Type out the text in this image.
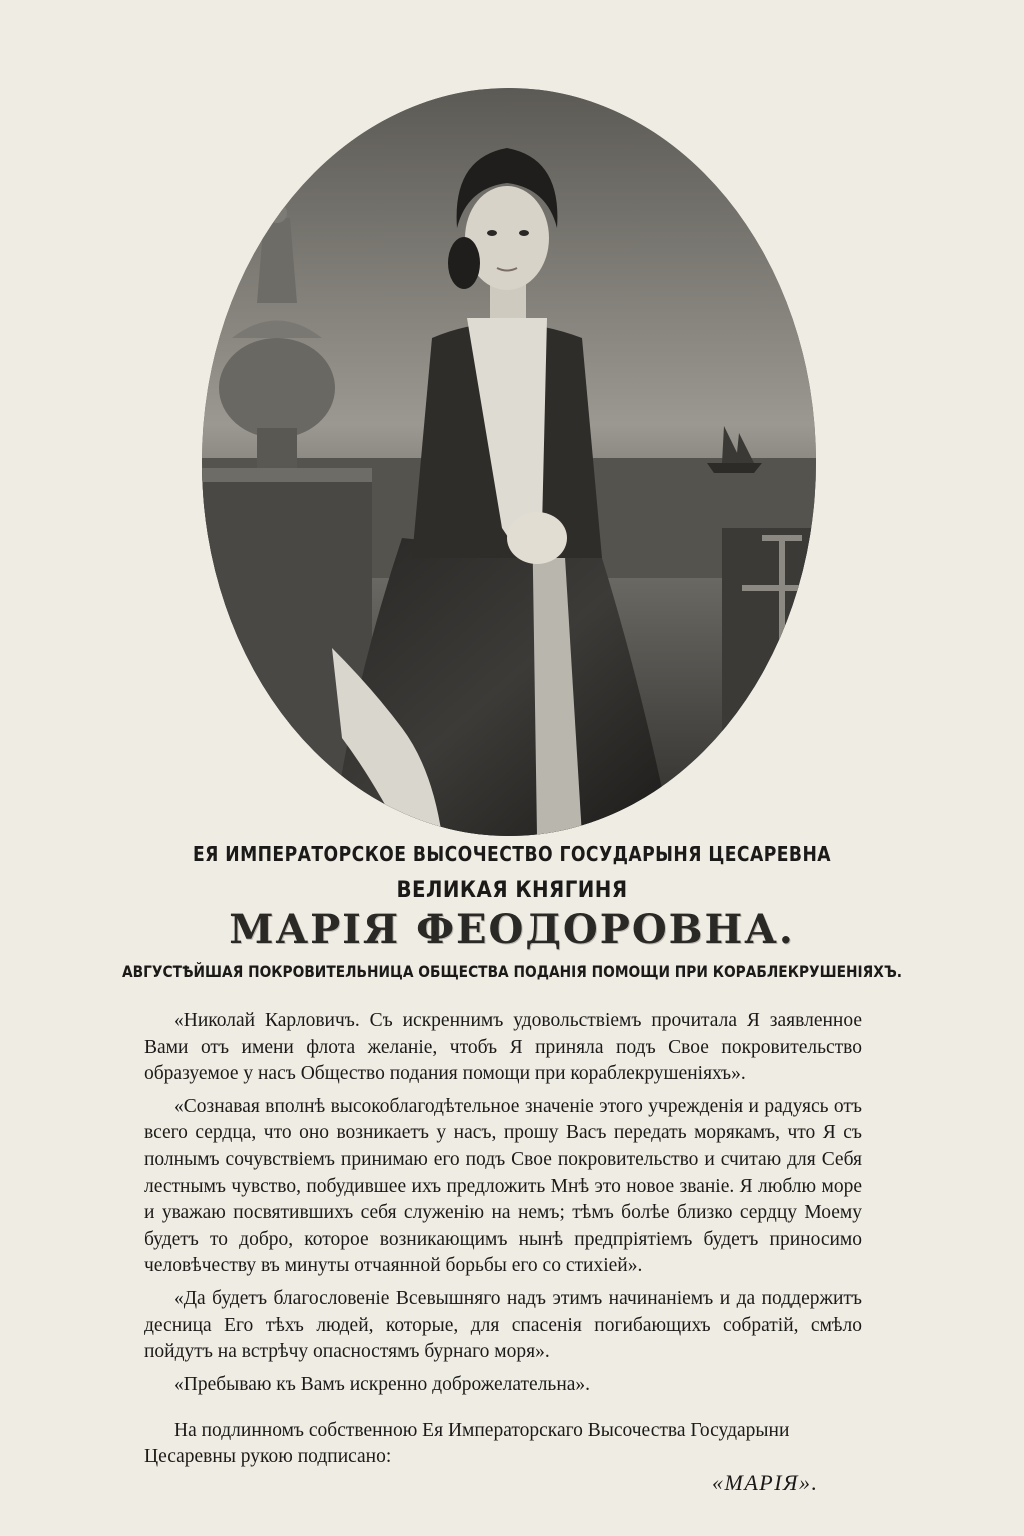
ЕЯ ИМПЕРАТОРСКОЕ ВЫСОЧЕСТВО ГОСУДАРЫНЯ ЦЕСАРЕВНА
ВЕЛИКАЯ КНЯГИНЯ
МАРІЯ ФЕОДОРОВНА.
АВГУСТѢЙШАЯ ПОКРОВИТЕЛЬНИЦА ОБЩЕСТВА ПОДАНІЯ ПОМОЩИ ПРИ КОРАБЛЕКРУШЕНІЯХЪ.

«Николай Карловичъ. Съ искреннимъ удовольствіемъ прочитала Я заявленное Вами отъ имени флота желаніе, чтобъ Я приняла подъ Свое покровительство образуемое у насъ Общество подания помощи при кораблекрушеніяхъ».

«Сознавая вполнѣ высокоблагодѣтельное значеніе этого учрежденія и радуясь отъ всего сердца, что оно возникаетъ у насъ, прошу Васъ передать морякамъ, что Я съ полнымъ сочувствіемъ принимаю его подъ Свое покровительство и считаю для Себя лестнымъ чувство, побудившее ихъ предложить Мнѣ это новое званіе. Я люблю море и уважаю посвятившихъ себя служенію на немъ; тѣмъ болѣе близко сердцу Моему будетъ то добро, которое возникающимъ нынѣ предпріятіемъ будетъ приносимо человѣчеству въ минуты отчаянной борьбы его со стихіей».

«Да будетъ благословеніе Всевышняго надъ этимъ начинаніемъ и да поддержитъ десница Его тѣхъ людей, которые, для спасенія погибающихъ собратій, смѣло пойдутъ на встрѣчу опасностямъ бурнаго моря».

«Пребываю къ Вамъ искренно доброжелательна».

На подлинномъ собственною Ея Императорскаго Высочества Государыни Цесаревны рукою подписано:

«МАРІЯ».
